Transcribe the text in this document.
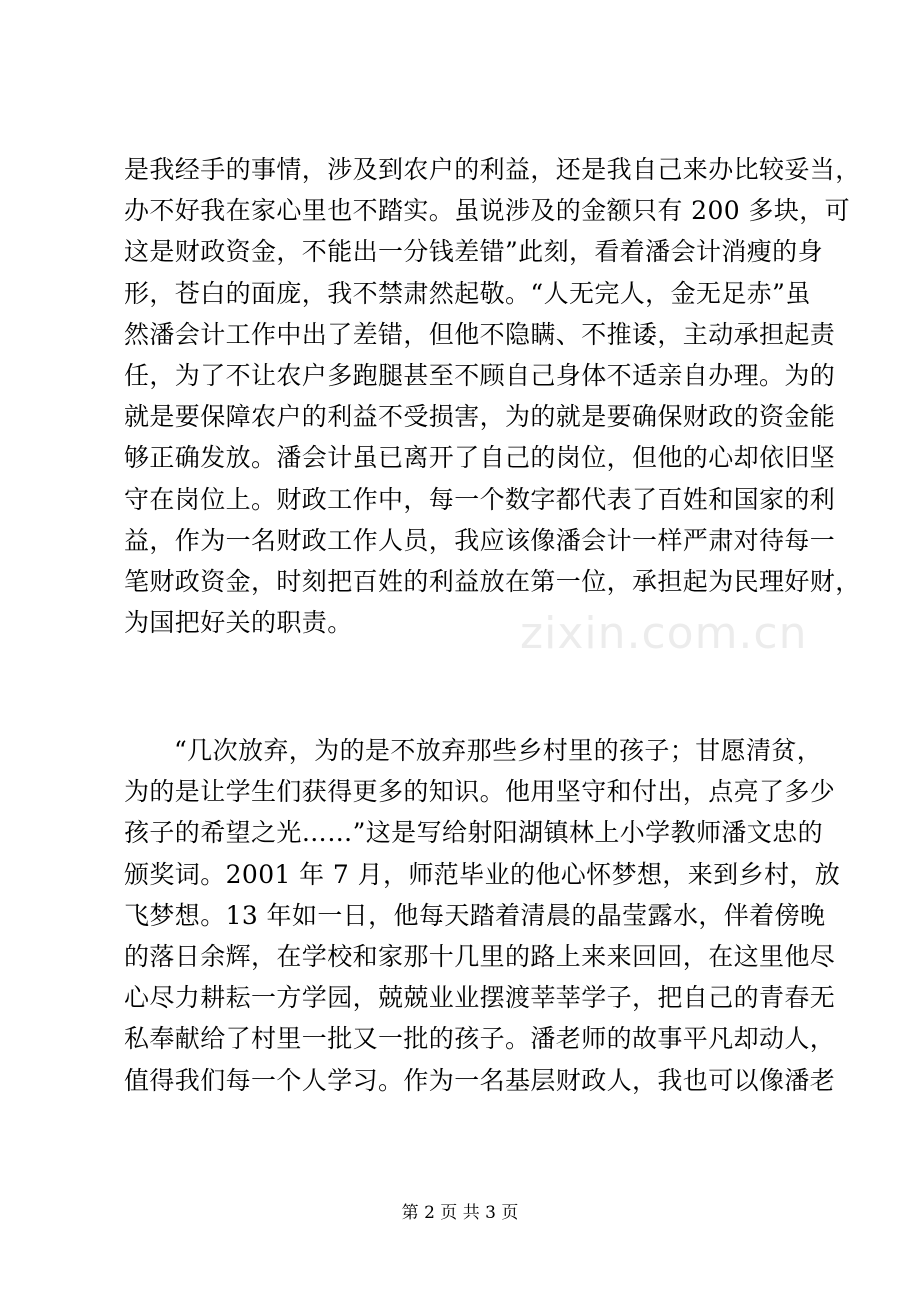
是我经手的事情，涉及到农户的利益，还是我自己来办比较妥当，
办不好我在家心里也不踏实。虽说涉及的金额只有 200 多块，可
这是财政资金，不能出一分钱差错”此刻，看着潘会计消瘦的身
形，苍白的面庞，我不禁肃然起敬。“人无完人，金无足赤”虽
然潘会计工作中出了差错，但他不隐瞒、不推诿，主动承担起责
任，为了不让农户多跑腿甚至不顾自己身体不适亲自办理。为的
就是要保障农户的利益不受损害，为的就是要确保财政的资金能
够正确发放。潘会计虽已离开了自己的岗位，但他的心却依旧坚
守在岗位上。财政工作中，每一个数字都代表了百姓和国家的利
益，作为一名财政工作人员，我应该像潘会计一样严肃对待每一
笔财政资金，时刻把百姓的利益放在第一位，承担起为民理好财，
为国把好关的职责。
“几次放弃，为的是不放弃那些乡村里的孩子；甘愿清贫，
为的是让学生们获得更多的知识。他用坚守和付出，点亮了多少
孩子的希望之光……”这是写给射阳湖镇林上小学教师潘文忠的
颁奖词。2001 年 7 月，师范毕业的他心怀梦想，来到乡村，放
飞梦想。13 年如一日，他每天踏着清晨的晶莹露水，伴着傍晚
的落日余辉，在学校和家那十几里的路上来来回回，在这里他尽
心尽力耕耘一方学园，兢兢业业摆渡莘莘学子，把自己的青春无
私奉献给了村里一批又一批的孩子。潘老师的故事平凡却动人，
值得我们每一个人学习。作为一名基层财政人，我也可以像潘老
zixin.com.cn
第 2 页 共 3 页
